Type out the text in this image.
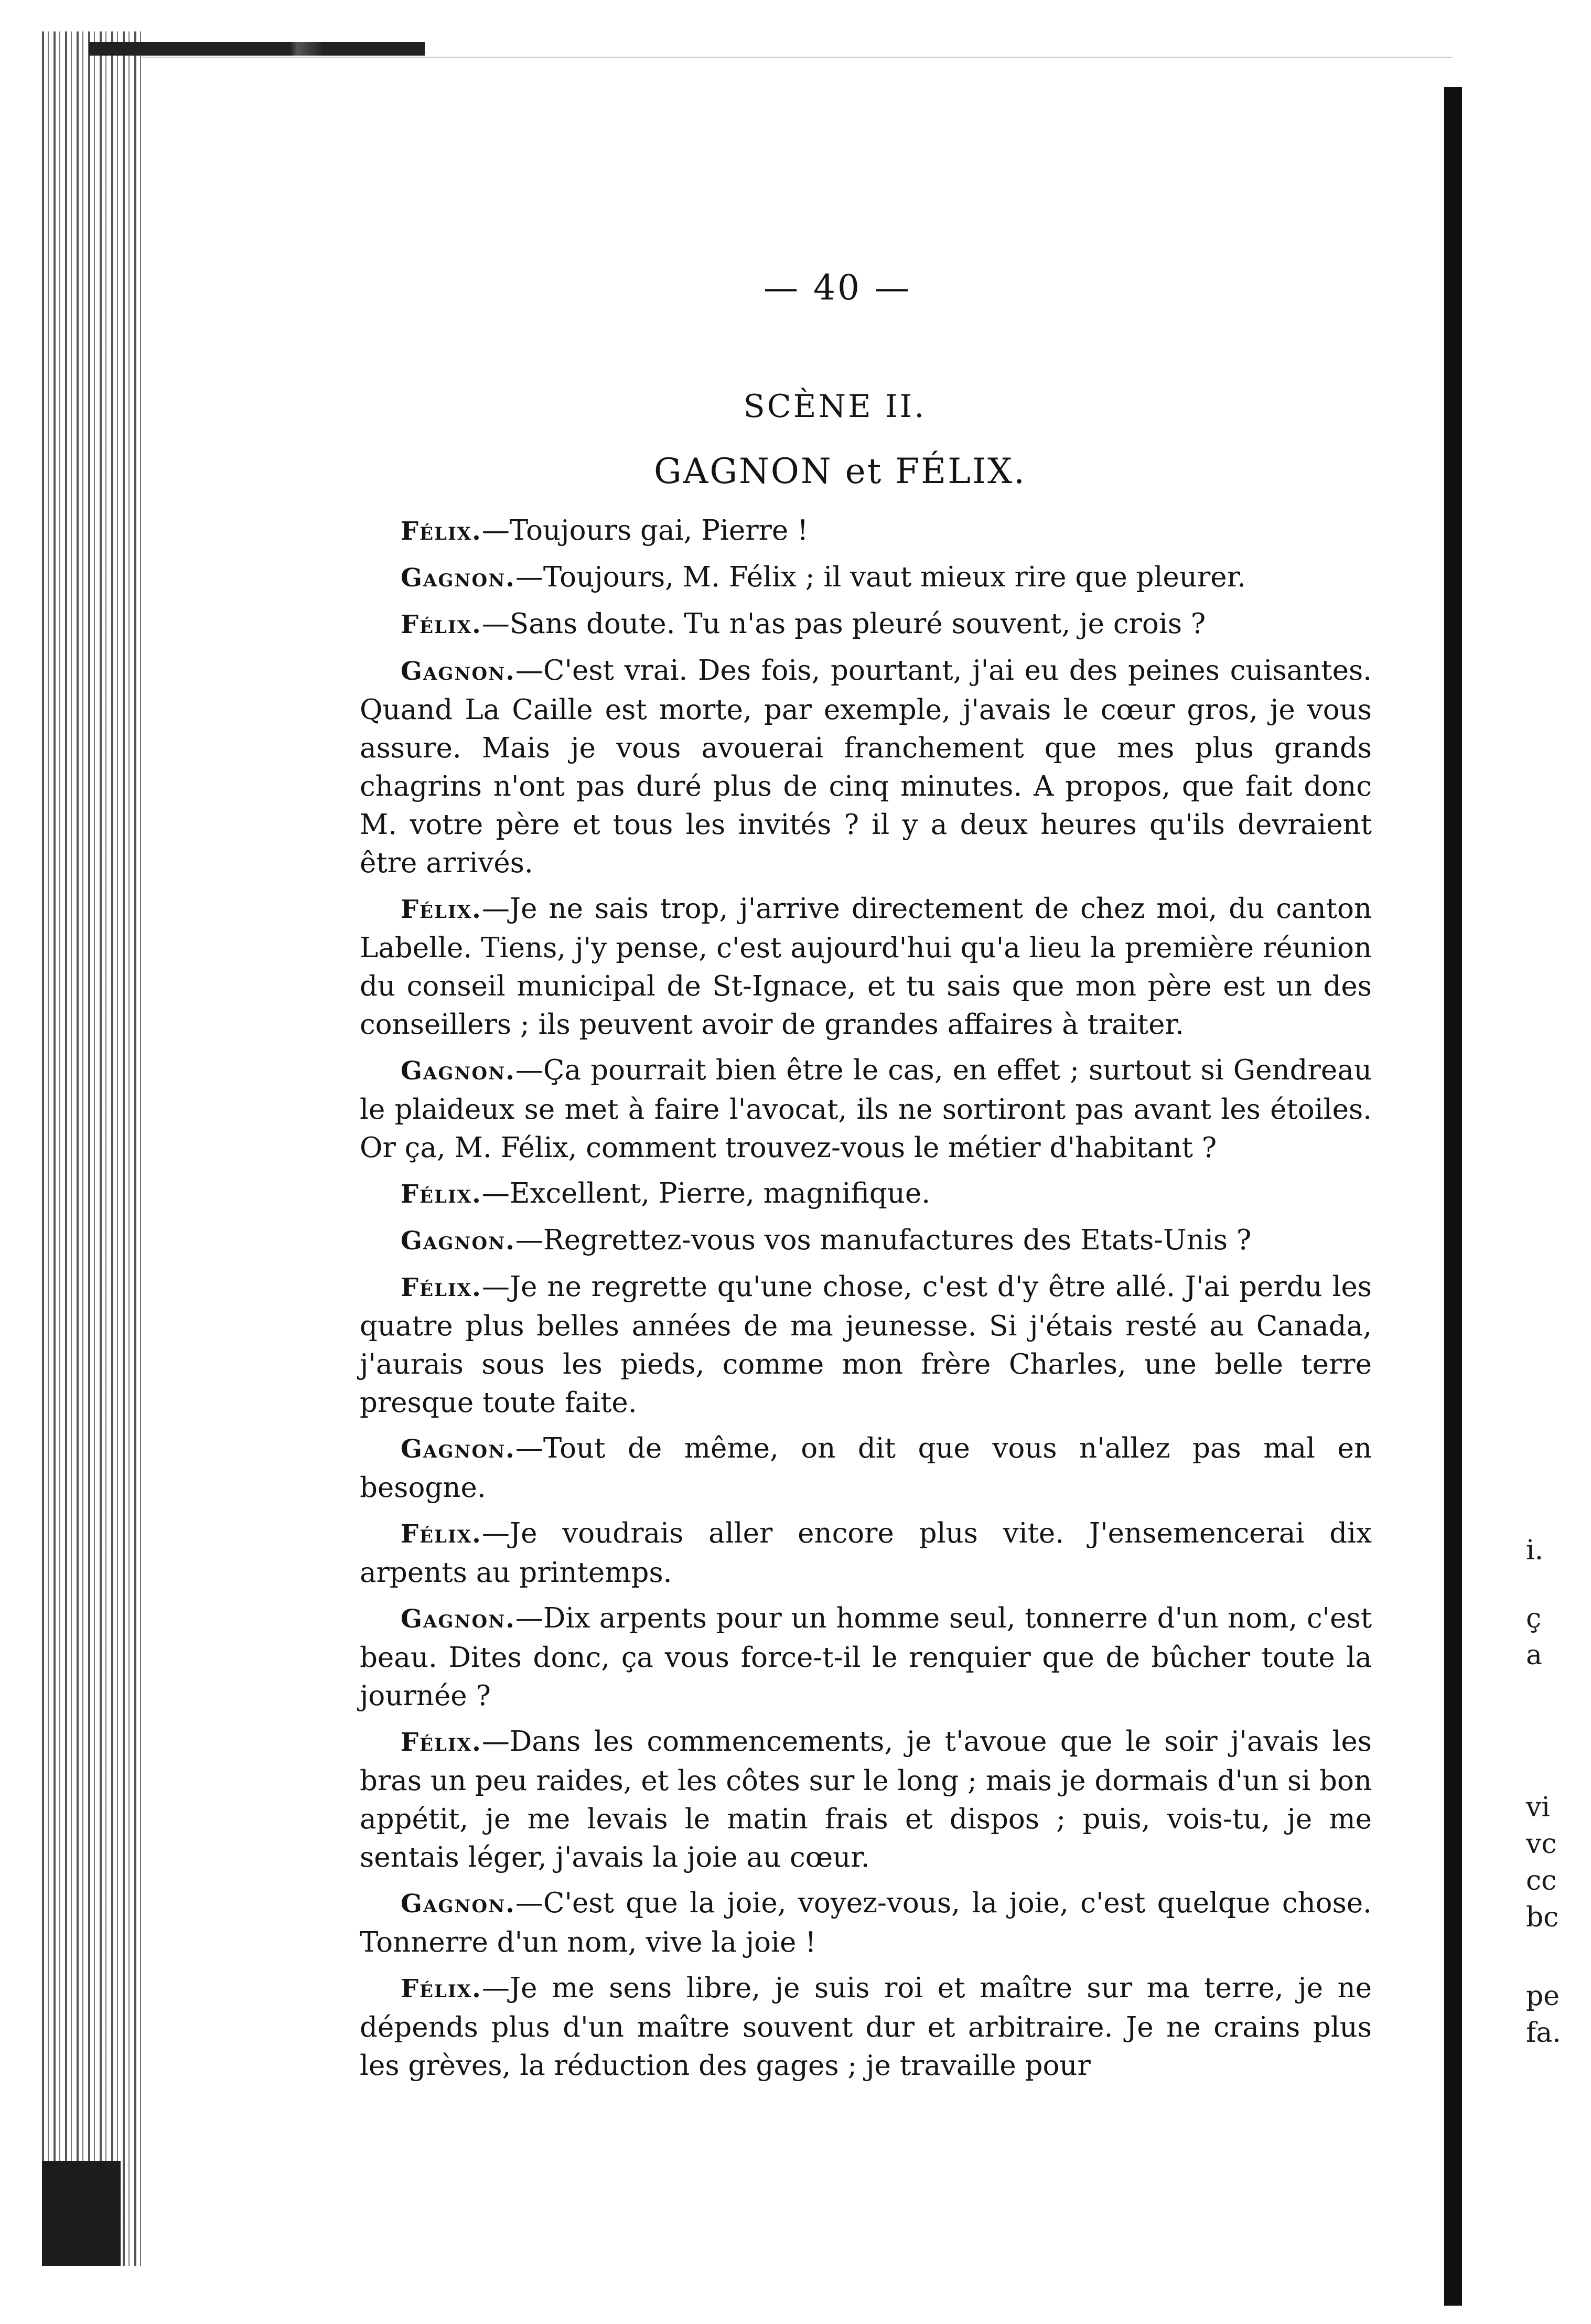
i.
ç
a
vi
vc
cc
bc
pe
fa.
— 40 —
SCÈNE II.
GAGNON et FÉLIX.

Félix.—Toujours gai, Pierre !

Gagnon.—Toujours, M. Félix ; il vaut mieux rire que pleurer.

Félix.—Sans doute. Tu n'as pas pleuré souvent, je crois ?

Gagnon.—C'est vrai. Des fois, pourtant, j'ai eu des peines cuisantes. Quand La Caille est morte, par exemple, j'avais le cœur gros, je vous assure. Mais je vous avouerai franchement que mes plus grands chagrins n'ont pas duré plus de cinq minutes. A propos, que fait donc M. votre père et tous les invités ? il y a deux heures qu'ils devraient être arrivés.

Félix.—Je ne sais trop, j'arrive directement de chez moi, du canton Labelle. Tiens, j'y pense, c'est aujourd'hui qu'a lieu la première réunion du conseil municipal de St-Ignace, et tu sais que mon père est un des conseillers ; ils peuvent avoir de grandes affaires à traiter.

Gagnon.—Ça pourrait bien être le cas, en effet ; surtout si Gendreau le plaideux se met à faire l'avocat, ils ne sortiront pas avant les étoiles. Or ça, M. Félix, comment trouvez-vous le métier d'habitant ?

Félix.—Excellent, Pierre, magnifique.

Gagnon.—Regrettez-vous vos manufactures des Etats-Unis ?

Félix.—Je ne regrette qu'une chose, c'est d'y être allé. J'ai perdu les quatre plus belles années de ma jeunesse. Si j'étais resté au Canada, j'aurais sous les pieds, comme mon frère Charles, une belle terre presque toute faite.

Gagnon.—Tout de même, on dit que vous n'allez pas mal en besogne.

Félix.—Je voudrais aller encore plus vite. J'ensemencerai dix arpents au printemps.

Gagnon.—Dix arpents pour un homme seul, tonnerre d'un nom, c'est beau. Dites donc, ça vous force-t-il le renquier que de bûcher toute la journée ?

Félix.—Dans les commencements, je t'avoue que le soir j'avais les bras un peu raides, et les côtes sur le long ; mais je dormais d'un si bon appétit, je me levais le matin frais et dispos ; puis, vois-tu, je me sentais léger, j'avais la joie au cœur.

Gagnon.—C'est que la joie, voyez-vous, la joie, c'est quelque chose. Tonnerre d'un nom, vive la joie !

Félix.—Je me sens libre, je suis roi et maître sur ma terre, je ne dépends plus d'un maître souvent dur et arbitraire. Je ne crains plus les grèves, la réduction des gages ; je travaille pour
